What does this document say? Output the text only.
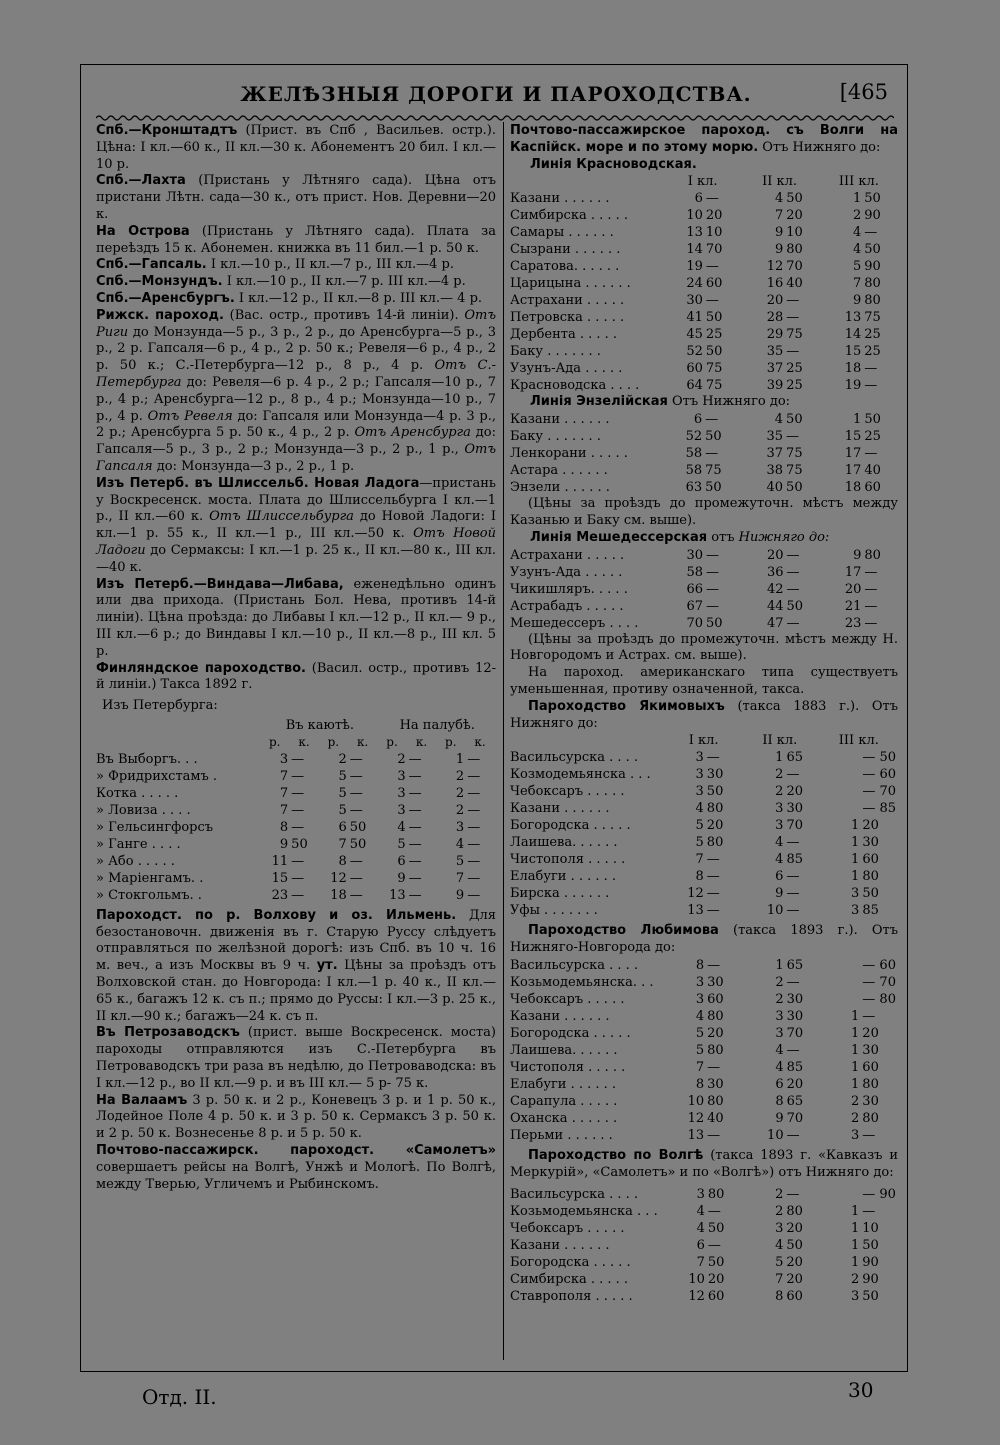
ЖЕЛѢЗНЫЯ ДОРОГИ И ПАРОХОДСТВА.	[465

Спб.—Кронштадтъ (Прист. въ Спб , Васильев. остр.). Цѣна: I кл.—60 к., II кл.—30 к. Абонементъ 20 бил. I кл.—10 р.

Спб.—Лахта (Пристань у Лѣтняго сада). Цѣна отъ пристани Лѣтн. сада—30 к., отъ прист. Нов. Деревни—20 к.

На Острова (Пристань у Лѣтняго сада). Плата за переѣздъ 15 к. Абонемен. книжка въ 11 бил.—1 р. 50 к.

Спб.—Гапсаль. I кл.—10 р., II кл.—7 р., III кл.—4 р.

Спб.—Монзундъ. I кл.—10 р., II кл.—7 р. III кл.—4 р.

Спб.—Аренсбургъ. I кл.—12 р., II кл.—8 р. III кл.— 4 р.

Рижск. пароход. (Вас. остр., противъ 14-й линіи). Отъ Риги до Монзунда—5 р., 3 р., 2 р., до Аренсбурга—5 р., 3 р., 2 р. Гапсаля—6 р., 4 р., 2 р. 50 к.; Ревеля—6 р., 4 р., 2 р. 50 к.; С.-Петербурга—12 р., 8 р., 4 р. Отъ С.-Петербурга до: Ревеля—6 р. 4 р., 2 р.; Гапсаля—10 р., 7 р., 4 р.; Аренсбурга—12 р., 8 р., 4 р.; Монзунда—10 р., 7 р., 4 р. Отъ Ревеля до: Гапсаля или Монзунда—4 р. 3 р., 2 р.; Аренсбурга 5 р. 50 к., 4 р., 2 р. Отъ Аренсбурга до: Гапсаля—5 р., 3 р., 2 р.; Монзунда—3 р., 2 р., 1 р., Отъ Гапсаля до: Монзунда—3 р., 2 р., 1 р.

Изъ Петерб. въ Шлиссельб. Новая Ладога—пристань у Воскресенск. моста. Плата до Шлиссельбурга I кл.—1 р., II кл.—60 к. Отъ Шлиссельбурга до Новой Ладоги: I кл.—1 р. 55 к., II кл.—1 р., III кл.—50 к. Отъ Новой Ладоги до Сермаксы: I кл.—1 р. 25 к., II кл.—80 к., III кл.—40 к.

Изъ Петерб.—Виндава—Либава, еженедѣльно одинъ или два прихода. (Пристань Бол. Нева, противъ 14-й линіи). Цѣна проѣзда: до Либавы I кл.—12 р., II кл.— 9 р., III кл.—6 р.; до Виндавы I кл.—10 р., II кл.—8 р., III кл. 5 р.

Финляндское пароходство. (Васил. остр., противъ 12-й линіи.) Такса 1892 г.

Изъ Петербурга:
	Въ каютѣ.				На палубѣ.			
	р.	к.	р.	к.	р.	к.	р.	к.
Въ Выборгъ. . .	3	—	2	—	2	—	1	—
» Фридрихстамъ .	7	—	5	—	3	—	2	—
Котка . . . . .	7	—	5	—	3	—	2	—
» Ловиза . . . .	7	—	5	—	3	—	2	—
» Гельсингфорсъ	8	—	6	50	4	—	3	—
» Ганге . . . .	9	50	7	50	5	—	4	—
» Або . . . . .	11	—	8	—	6	—	5	—
» Маріенгамъ. .	15	—	12	—	9	—	7	—
» Стокгольмъ. .	23	—	18	—	13	—	9	—

Пароходст. по р. Волхову и оз. Ильмень. Для безостановочн. движенія въ г. Старую Руссу слѣдуетъ отправляться по желѣзной дорогѣ: изъ Спб. въ 10 ч. 16 м. веч., а изъ Москвы въ 9 ч. ут. Цѣны за проѣздъ отъ Волховской стан. до Новгорода: I кл.—1 р. 40 к., II кл.—65 к., багажъ 12 к. съ п.; прямо до Руссы: I кл.—3 р. 25 к., II кл.—90 к.; багажъ—24 к. съ п.

Въ Петрозаводскъ (прист. выше Воскресенск. моста) пароходы отправляются изъ С.-Петербурга въ Петроваводскъ три раза въ недѣлю, до Петроваводска: въ I кл.—12 р., во II кл.—9 р. и въ III кл.— 5 р- 75 к.

На Валаамъ 3 р. 50 к. и 2 р., Коневецъ 3 р. и 1 р. 50 к., Лодейное Поле 4 р. 50 к. и 3 р. 50 к. Сермаксъ 3 р. 50 к. и 2 р. 50 к. Вознесенье 8 р. и 5 р. 50 к.

Почтово-пассажирск. пароходст. «Самолетъ» совершаетъ рейсы на Волгѣ, Унжѣ и Мологѣ. По Волгѣ, между Тверью, Угличемъ и Рыбинскомъ.

Почтово-пассажирское пароход. съ Волги на Каспійск. море и по этому морю. Отъ Нижняго до:

Линія Красноводская.
	I кл.		II кл.		III кл.	
Казани . . . . . .	6	—	4	50	1	50
Симбирска . . . . .	10	20	7	20	2	90
Самары . . . . . .	13	10	9	10	4	—
Сызрани . . . . . .	14	70	9	80	4	50
Саратова. . . . . .	19	—	12	70	5	90
Царицына . . . . . .	24	60	16	40	7	80
Астрахани . . . . .	30	—	20	—	9	80
Петровска . . . . .	41	50	28	—	13	75
Дербента . . . . .	45	25	29	75	14	25
Баку . . . . . . .	52	50	35	—	15	25
Узунъ-Ада . . . . .	60	75	37	25	18	—
Красноводска . . . .	64	75	39	25	19	—
Линія Энзелійская Отъ Нижняго до:
Казани . . . . . .	6	—	4	50	1	50
Баку . . . . . . .	52	50	35	—	15	25
Ленкорани . . . . .	58	—	37	75	17	—
Астара . . . . . .	58	75	38	75	17	40
Энзели . . . . . .	63	50	40	50	18	60

(Цѣны за проѣздъ до промежуточн. мѣстъ между Казанью и Баку см. выше).

Линія Мешедессерская отъ Нижняго до:
Астрахани . . . . .	30	—	20	—	9	80
Узунъ-Ада . . . . .	58	—	36	—	17	—
Чикишляръ. . . . .	66	—	42	—	20	—
Астрабадъ . . . . .	67	—	44	50	21	—
Мешедессеръ . . . .	70	50	47	—	23	—

(Цѣны за проѣздъ до промежуточн. мѣстъ между Н. Новгородомъ и Астрах. см. выше).

На пароход. американскаго типа существуетъ уменьшенная, противу означенной, такса.

Пароходство Якимовыхъ (такса 1883 г.). Отъ Нижняго до:

	I кл.		II кл.		III кл.	
Васильсурска . . . .	3	—	1	65		— 50
Козмодемьянска . . .	3	30	2	—		— 60
Чебоксаръ . . . . .	3	50	2	20		— 70
Казани . . . . . .	4	80	3	30		— 85
Богородска . . . . .	5	20	3	70	1	20
Лаишева. . . . . .	5	80	4	—	1	30
Чистополя . . . . .	7	—	4	85	1	60
Елабуги . . . . . .	8	—	6	—	1	80
Бирска . . . . . .	12	—	9	—	3	50
Уфы . . . . . . .	13	—	10	—	3	85

Пароходство Любимова (такса 1893 г.). Отъ Нижняго-Новгорода до:

Васильсурска . . . .	8	—	1	65		— 60
Козьмодемьянска. . .	3	30	2	—		— 70
Чебоксаръ . . . . .	3	60	2	30		— 80
Казани . . . . . .	4	80	3	30	1	—
Богородска . . . . .	5	20	3	70	1	20
Лаишева. . . . . .	5	80	4	—	1	30
Чистополя . . . . .	7	—	4	85	1	60
Елабуги . . . . . .	8	30	6	20	1	80
Сарапула . . . . .	10	80	8	65	2	30
Оханска . . . . . .	12	40	9	70	2	80
Перьми . . . . . .	13	—	10	—	3	—

Пароходство по Волгѣ (такса 1893 г. «Кавказъ и Меркурій», «Самолетъ» и по «Волгѣ») отъ Нижняго до:

Васильсурска . . . .	3	80	2	—		— 90
Козьмодемьянска . . .	4	—	2	80	1	—
Чебоксаръ . . . . .	4	50	3	20	1	10
Казани . . . . . .	6	—	4	50	1	50
Богородска . . . . .	7	50	5	20	1	90
Симбирска . . . . .	10	20	7	20	2	90
Ставрополя . . . . .	12	60	8	60	3	50
Отд. II.	30
